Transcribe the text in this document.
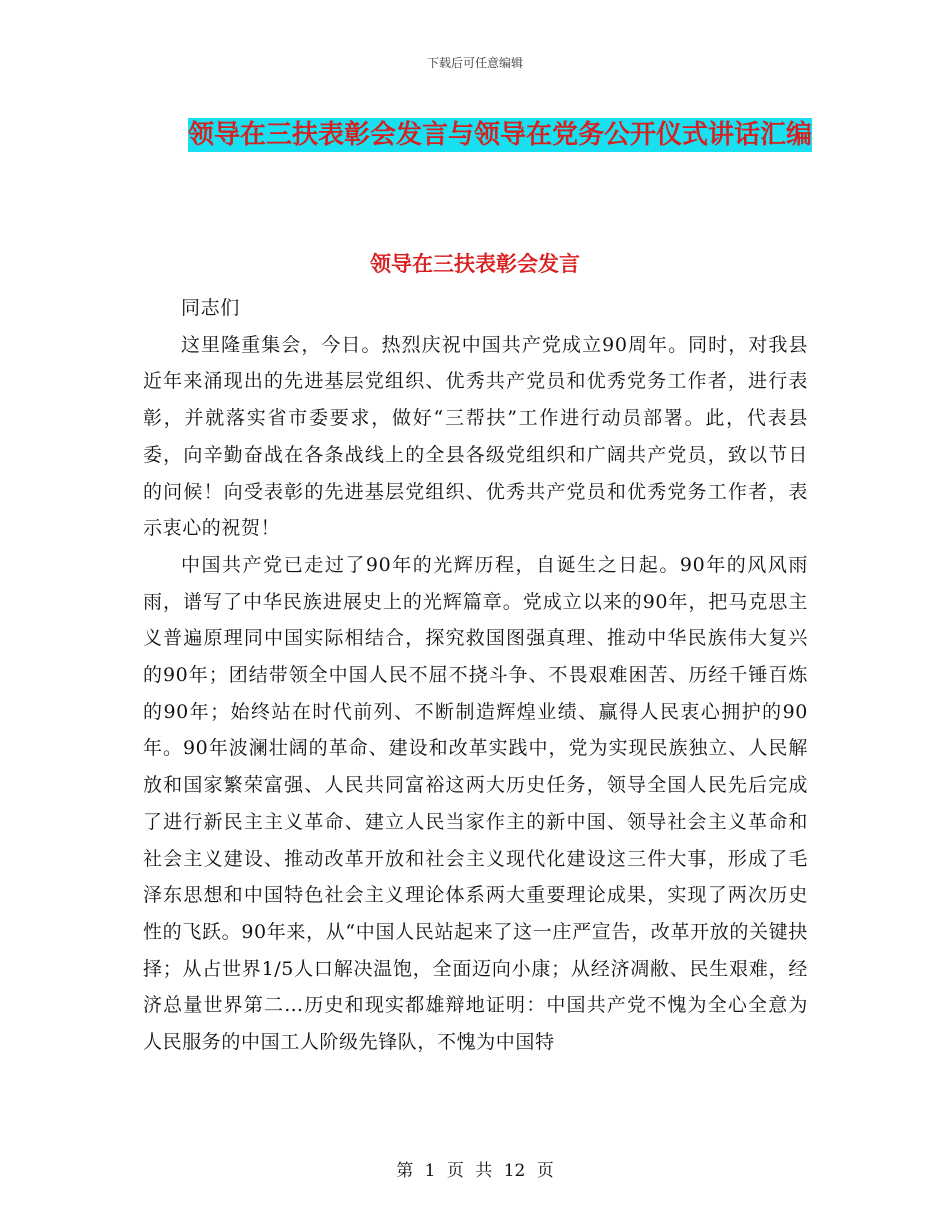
下载后可任意编辑
领导在三扶表彰会发言与领导在党务公开仪式讲话汇编
领导在三扶表彰会发言

同志们

这里隆重集会，今日。热烈庆祝中国共产党成立90周年。同时，对我县近年来涌现出的先进基层党组织、优秀共产党员和优秀党务工作者，进行表彰，并就落实省市委要求，做好“三帮扶”工作进行动员部署。此，代表县委，向辛勤奋战在各条战线上的全县各级党组织和广阔共产党员，致以节日的问候！向受表彰的先进基层党组织、优秀共产党员和优秀党务工作者，表示衷心的祝贺！

中国共产党已走过了90年的光辉历程，自诞生之日起。90年的风风雨雨，谱写了中华民族进展史上的光辉篇章。党成立以来的90年，把马克思主义普遍原理同中国实际相结合，探究救国图强真理、推动中华民族伟大复兴的90年；团结带领全中国人民不屈不挠斗争、不畏艰难困苦、历经千锤百炼的90年；始终站在时代前列、不断制造辉煌业绩、赢得人民衷心拥护的90年。90年波澜壮阔的革命、建设和改革实践中，党为实现民族独立、人民解放和国家繁荣富强、人民共同富裕这两大历史任务，领导全国人民先后完成了进行新民主主义革命、建立人民当家作主的新中国、领导社会主义革命和社会主义建设、推动改革开放和社会主义现代化建设这三件大事，形成了毛泽东思想和中国特色社会主义理论体系两大重要理论成果，实现了两次历史性的飞跃。90年来，从“中国人民站起来了这一庄严宣告，改革开放的关键抉择；从占世界1/5人口解决温饱，全面迈向小康；从经济凋敝、民生艰难，经济总量世界第二…历史和现实都雄辩地证明：中国共产党不愧为全心全意为人民服务的中国工人阶级先锋队，不愧为中国特

第 1 页 共 12 页
